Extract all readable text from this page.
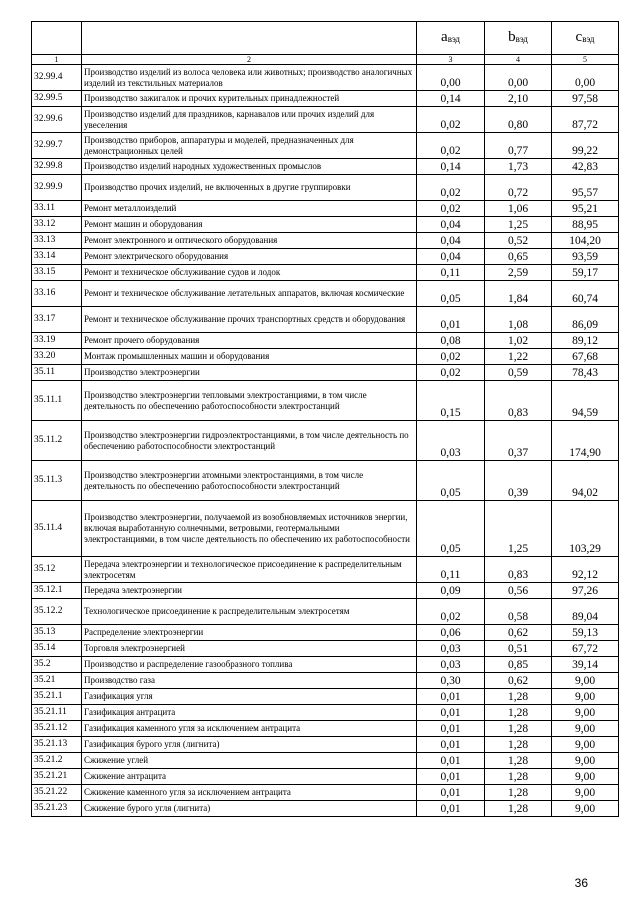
		$a_{вэд}$	$b_{вэд}$	$c_{вэд}$
1	2	3	4	5
32.99.4	Производство изделий из волоса человека или животных; производство аналогичных изделий из текстильных материалов	0,00	0,00	0,00
32.99.5	Производство зажигалок и прочих курительных принадлежностей	0,14	2,10	97,58
32.99.6	Производство изделий для праздников, карнавалов или прочих изделий для увеселения	0,02	0,80	87,72
32.99.7	Производство приборов, аппаратуры и моделей, предназначенных для демонстрационных целей	0,02	0,77	99,22
32.99.8	Производство изделий народных художественных промыслов	0,14	1,73	42,83
32.99.9	Производство прочих изделий, не включенных в другие группировки	0,02	0,72	95,57
33.11	Ремонт металлоизделий	0,02	1,06	95,21
33.12	Ремонт машин и оборудования	0,04	1,25	88,95
33.13	Ремонт электронного и оптического оборудования	0,04	0,52	104,20
33.14	Ремонт электрического оборудования	0,04	0,65	93,59
33.15	Ремонт и техническое обслуживание судов и лодок	0,11	2,59	59,17
33.16	Ремонт и техническое обслуживание летательных аппаратов, включая космические	0,05	1,84	60,74
33.17	Ремонт и техническое обслуживание прочих транспортных средств и оборудования	0,01	1,08	86,09
33.19	Ремонт прочего оборудования	0,08	1,02	89,12
33.20	Монтаж промышленных машин и оборудования	0,02	1,22	67,68
35.11	Производство электроэнергии	0,02	0,59	78,43
35.11.1	Производство электроэнергии тепловыми электростанциями, в том числе деятельность по обеспечению работоспособности электростанций	0,15	0,83	94,59
35.11.2	Производство электроэнергии гидроэлектростанциями, в том числе деятельность по обеспечению работоспособности электростанций	0,03	0,37	174,90
35.11.3	Производство электроэнергии атомными электростанциями, в том числе деятельность по обеспечению работоспособности электростанций	0,05	0,39	94,02
35.11.4	Производство электроэнергии, получаемой из возобновляемых источников энергии, включая выработанную солнечными, ветровыми, геотермальными электростанциями, в том числе деятельность по обеспечению их работоспособности	0,05	1,25	103,29
35.12	Передача электроэнергии и технологическое присоединение к распределительным электросетям	0,11	0,83	92,12
35.12.1	Передача электроэнергии	0,09	0,56	97,26
35.12.2	Технологическое присоединение к распределительным электросетям	0,02	0,58	89,04
35.13	Распределение электроэнергии	0,06	0,62	59,13
35.14	Торговля электроэнергией	0,03	0,51	67,72
35.2	Производство и распределение газообразного топлива	0,03	0,85	39,14
35.21	Производство газа	0,30	0,62	9,00
35.21.1	Газификация угля	0,01	1,28	9,00
35.21.11	Газификация антрацита	0,01	1,28	9,00
35.21.12	Газификация каменного угля за исключением антрацита	0,01	1,28	9,00
35.21.13	Газификация бурого угля (лигнита)	0,01	1,28	9,00
35.21.2	Сжижение углей	0,01	1,28	9,00
35.21.21	Сжижение антрацита	0,01	1,28	9,00
35.21.22	Сжижение каменного угля за исключением антрацита	0,01	1,28	9,00
35.21.23	Сжижение бурого угля (лигнита)	0,01	1,28	9,00
36
